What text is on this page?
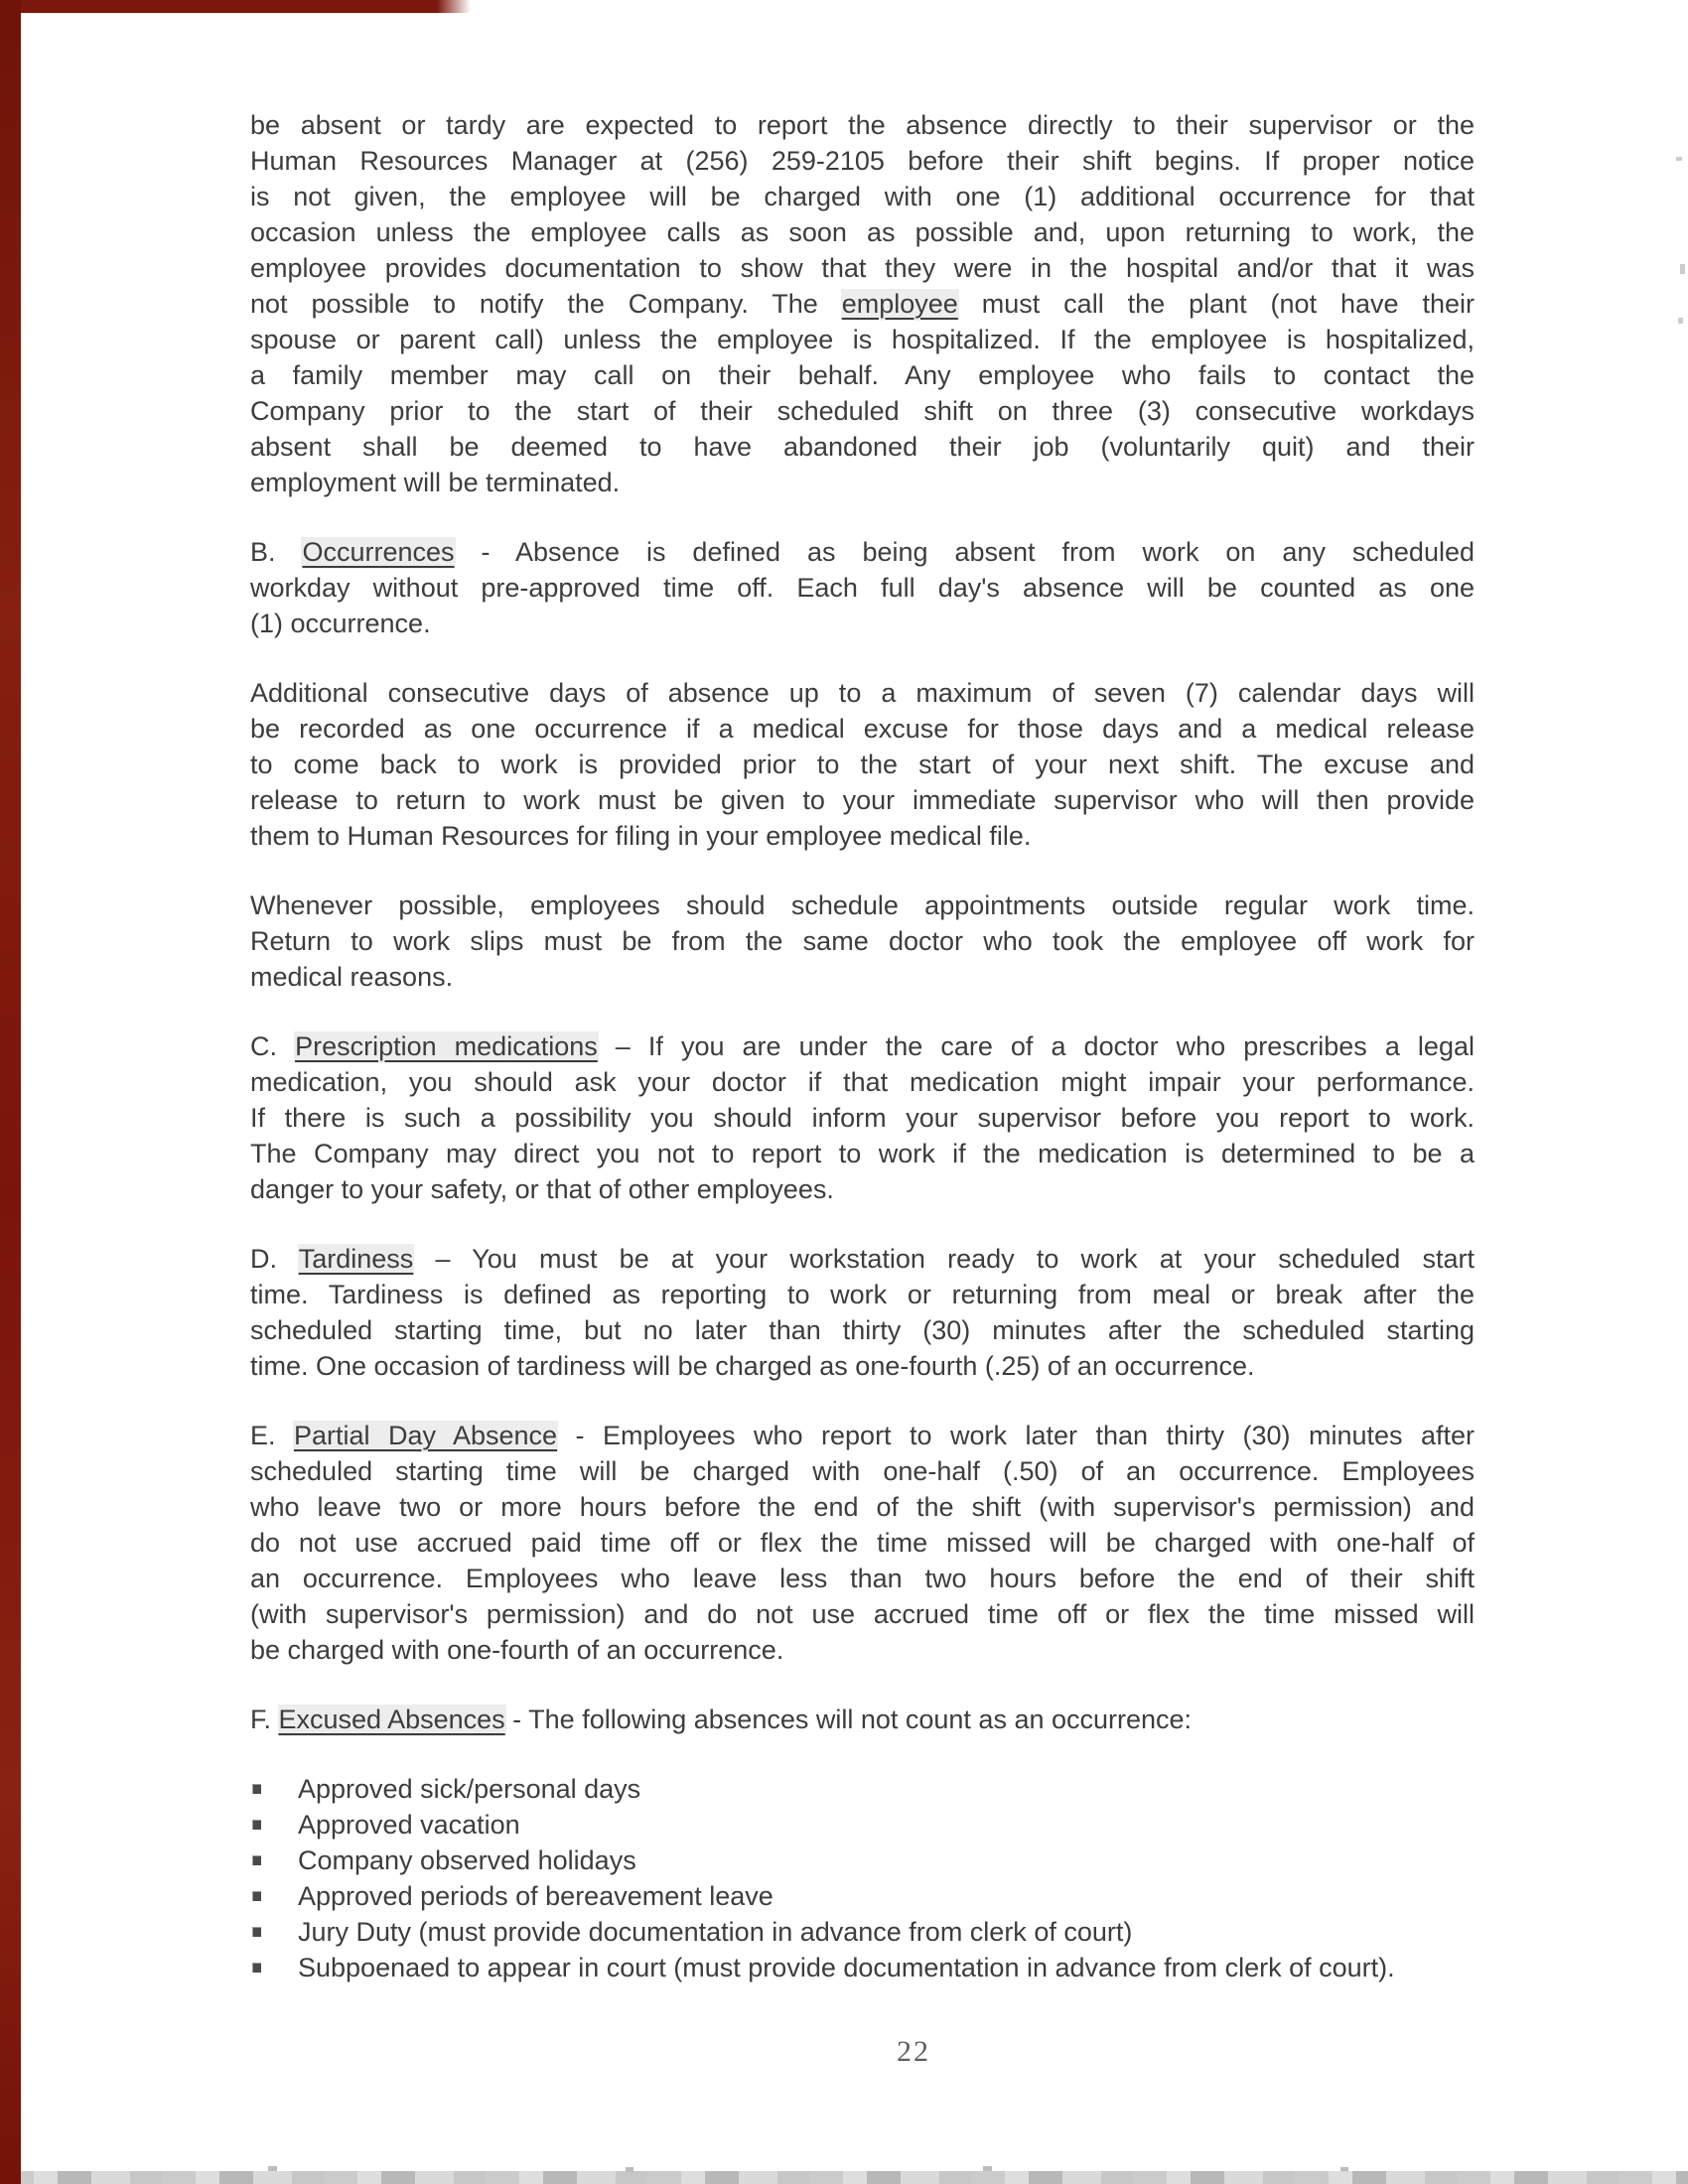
be absent or tardy are expected to report the absence directly to their supervisor or the
Human Resources Manager at (256) 259-2105 before their shift begins. If proper notice
is not given, the employee will be charged with one (1) additional occurrence for that
occasion unless the employee calls as soon as possible and, upon returning to work, the
employee provides documentation to show that they were in the hospital and/or that it was
not possible to notify the Company. The employee must call the plant (not have their
spouse or parent call) unless the employee is hospitalized. If the employee is hospitalized,
a family member may call on their behalf. Any employee who fails to contact the
Company prior to the start of their scheduled shift on three (3) consecutive workdays
absent shall be deemed to have abandoned their job (voluntarily quit) and their
employment will be terminated.
B. Occurrences - Absence is defined as being absent from work on any scheduled
workday without pre-approved time off. Each full day's absence will be counted as one
(1) occurrence.
Additional consecutive days of absence up to a maximum of seven (7) calendar days will
be recorded as one occurrence if a medical excuse for those days and a medical release
to come back to work is provided prior to the start of your next shift. The excuse and
release to return to work must be given to your immediate supervisor who will then provide
them to Human Resources for filing in your employee medical file.
Whenever possible, employees should schedule appointments outside regular work time.
Return to work slips must be from the same doctor who took the employee off work for
medical reasons.
C. Prescription medications – If you are under the care of a doctor who prescribes a legal
medication, you should ask your doctor if that medication might impair your performance.
If there is such a possibility you should inform your supervisor before you report to work.
The Company may direct you not to report to work if the medication is determined to be a
danger to your safety, or that of other employees.
D. Tardiness – You must be at your workstation ready to work at your scheduled start
time. Tardiness is defined as reporting to work or returning from meal or break after the
scheduled starting time, but no later than thirty (30) minutes after the scheduled starting
time. One occasion of tardiness will be charged as one-fourth (.25) of an occurrence.
E. Partial Day Absence - Employees who report to work later than thirty (30) minutes after
scheduled starting time will be charged with one-half (.50) of an occurrence. Employees
who leave two or more hours before the end of the shift (with supervisor's permission) and
do not use accrued paid time off or flex the time missed will be charged with one-half of
an occurrence. Employees who leave less than two hours before the end of their shift
(with supervisor's permission) and do not use accrued time off or flex the time missed will
be charged with one-fourth of an occurrence.
F. Excused Absences - The following absences will not count as an occurrence:
Approved sick/personal days
Approved vacation
Company observed holidays
Approved periods of bereavement leave
Jury Duty (must provide documentation in advance from clerk of court)
Subpoenaed to appear in court (must provide documentation in advance from clerk of court).
22
